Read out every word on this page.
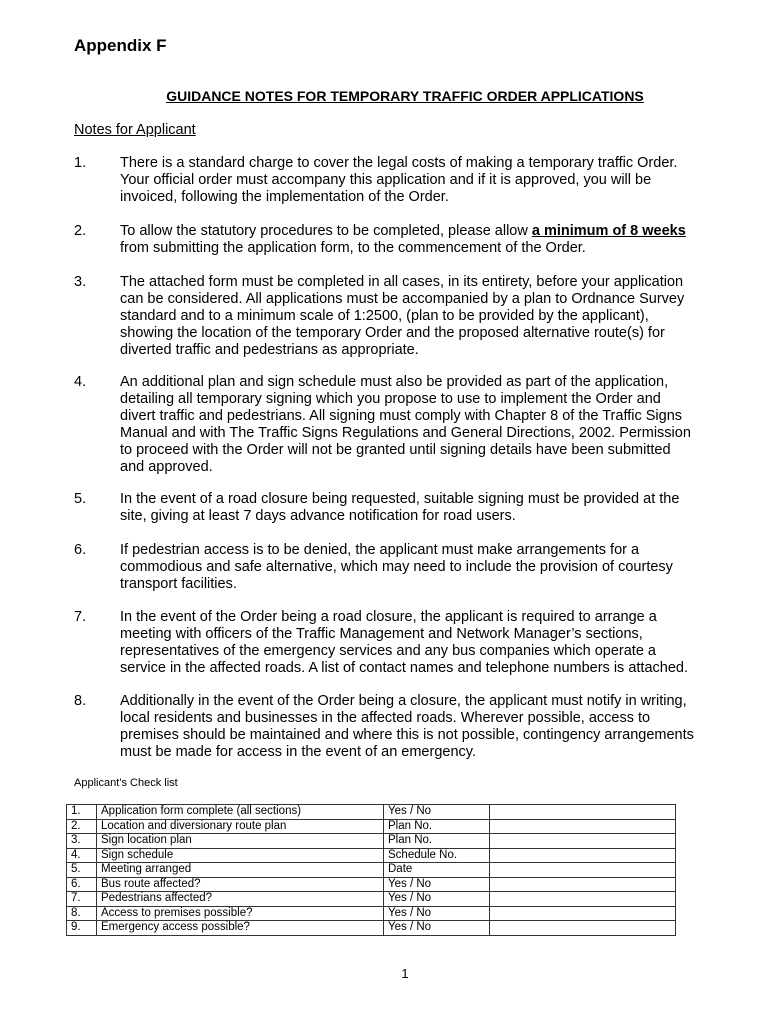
Appendix F
GUIDANCE NOTES FOR TEMPORARY TRAFFIC ORDER APPLICATIONS
Notes for Applicant
1. There is a standard charge to cover the legal costs of making a temporary traffic Order.
Your official order must accompany this application and if it is approved, you will be
invoiced, following the implementation of the Order.
2. To allow the statutory procedures to be completed, please allow a minimum of 8 weeks
from submitting the application form, to the commencement of the Order.
3. The attached form must be completed in all cases, in its entirety, before your application
can be considered. All applications must be accompanied by a plan to Ordnance Survey
standard and to a minimum scale of 1:2500, (plan to be provided by the applicant),
showing the location of the temporary Order and the proposed alternative route(s) for
diverted traffic and pedestrians as appropriate.
4. An additional plan and sign schedule must also be provided as part of the application,
detailing all temporary signing which you propose to use to implement the Order and
divert traffic and pedestrians. All signing must comply with Chapter 8 of the Traffic Signs
Manual and with The Traffic Signs Regulations and General Directions, 2002. Permission
to proceed with the Order will not be granted until signing details have been submitted
and approved.
5. In the event of a road closure being requested, suitable signing must be provided at the
site, giving at least 7 days advance notification for road users.
6. If pedestrian access is to be denied, the applicant must make arrangements for a
commodious and safe alternative, which may need to include the provision of courtesy
transport facilities.
7. In the event of the Order being a road closure, the applicant is required to arrange a
meeting with officers of the Traffic Management and Network Manager’s sections,
representatives of the emergency services and any bus companies which operate a
service in the affected roads. A list of contact names and telephone numbers is attached.
8. Additionally in the event of the Order being a closure, the applicant must notify in writing,
local residents and businesses in the affected roads. Wherever possible, access to
premises should be maintained and where this is not possible, contingency arrangements
must be made for access in the event of an emergency.
Applicant’s Check list
1.	Application form complete (all sections)	Yes / No	
2.	Location and diversionary route plan	Plan No.	
3.	Sign location plan	Plan No.	
4.	Sign schedule	Schedule No.	
5.	Meeting arranged	Date	
6.	Bus route affected?	Yes / No	
7.	Pedestrians affected?	Yes / No	
8.	Access to premises possible?	Yes / No	
9.	Emergency access possible?	Yes / No	
1
